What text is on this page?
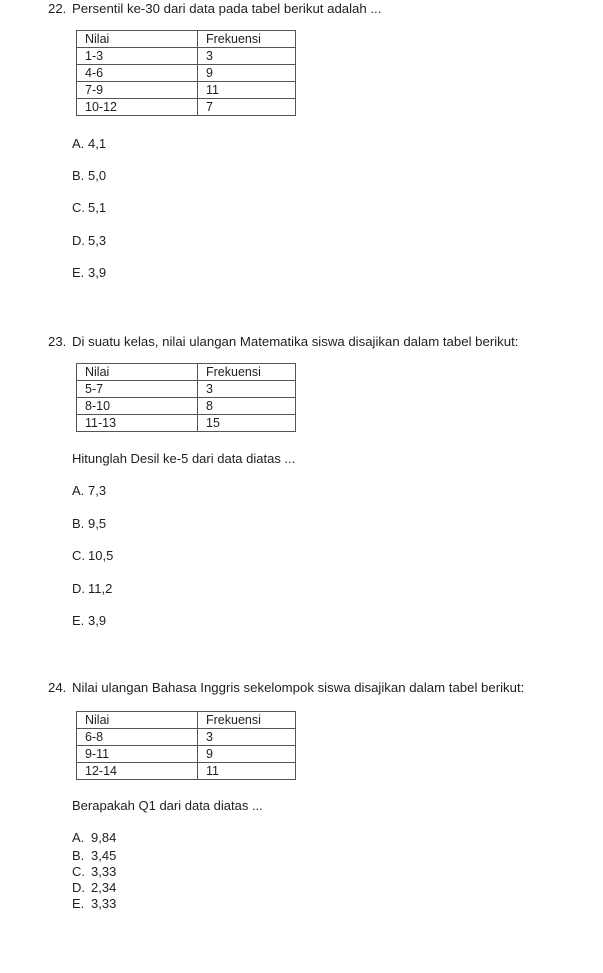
22. Persentil ke-30 dari data pada tabel berikut adalah ...
Nilai	Frekuensi
1-3	3
4-6	9
7-9	11
10-12	7
A. 4,1
B. 5,0
C. 5,1
D. 5,3
E. 3,9
23. Di suatu kelas, nilai ulangan Matematika siswa disajikan dalam tabel berikut:
Nilai	Frekuensi
5-7	3
8-10	8
11-13	15
Hitunglah Desil ke-5 dari data diatas ...
A. 7,3
B. 9,5
C. 10,5
D. 11,2
E. 3,9
24. Nilai ulangan Bahasa Inggris sekelompok siswa disajikan dalam tabel berikut:
Nilai	Frekuensi
6-8	3
9-11	9
12-14	11
Berapakah Q1 dari data diatas ...
A. 9,84
B. 3,45
C. 3,33
D. 2,34
E. 3,33
